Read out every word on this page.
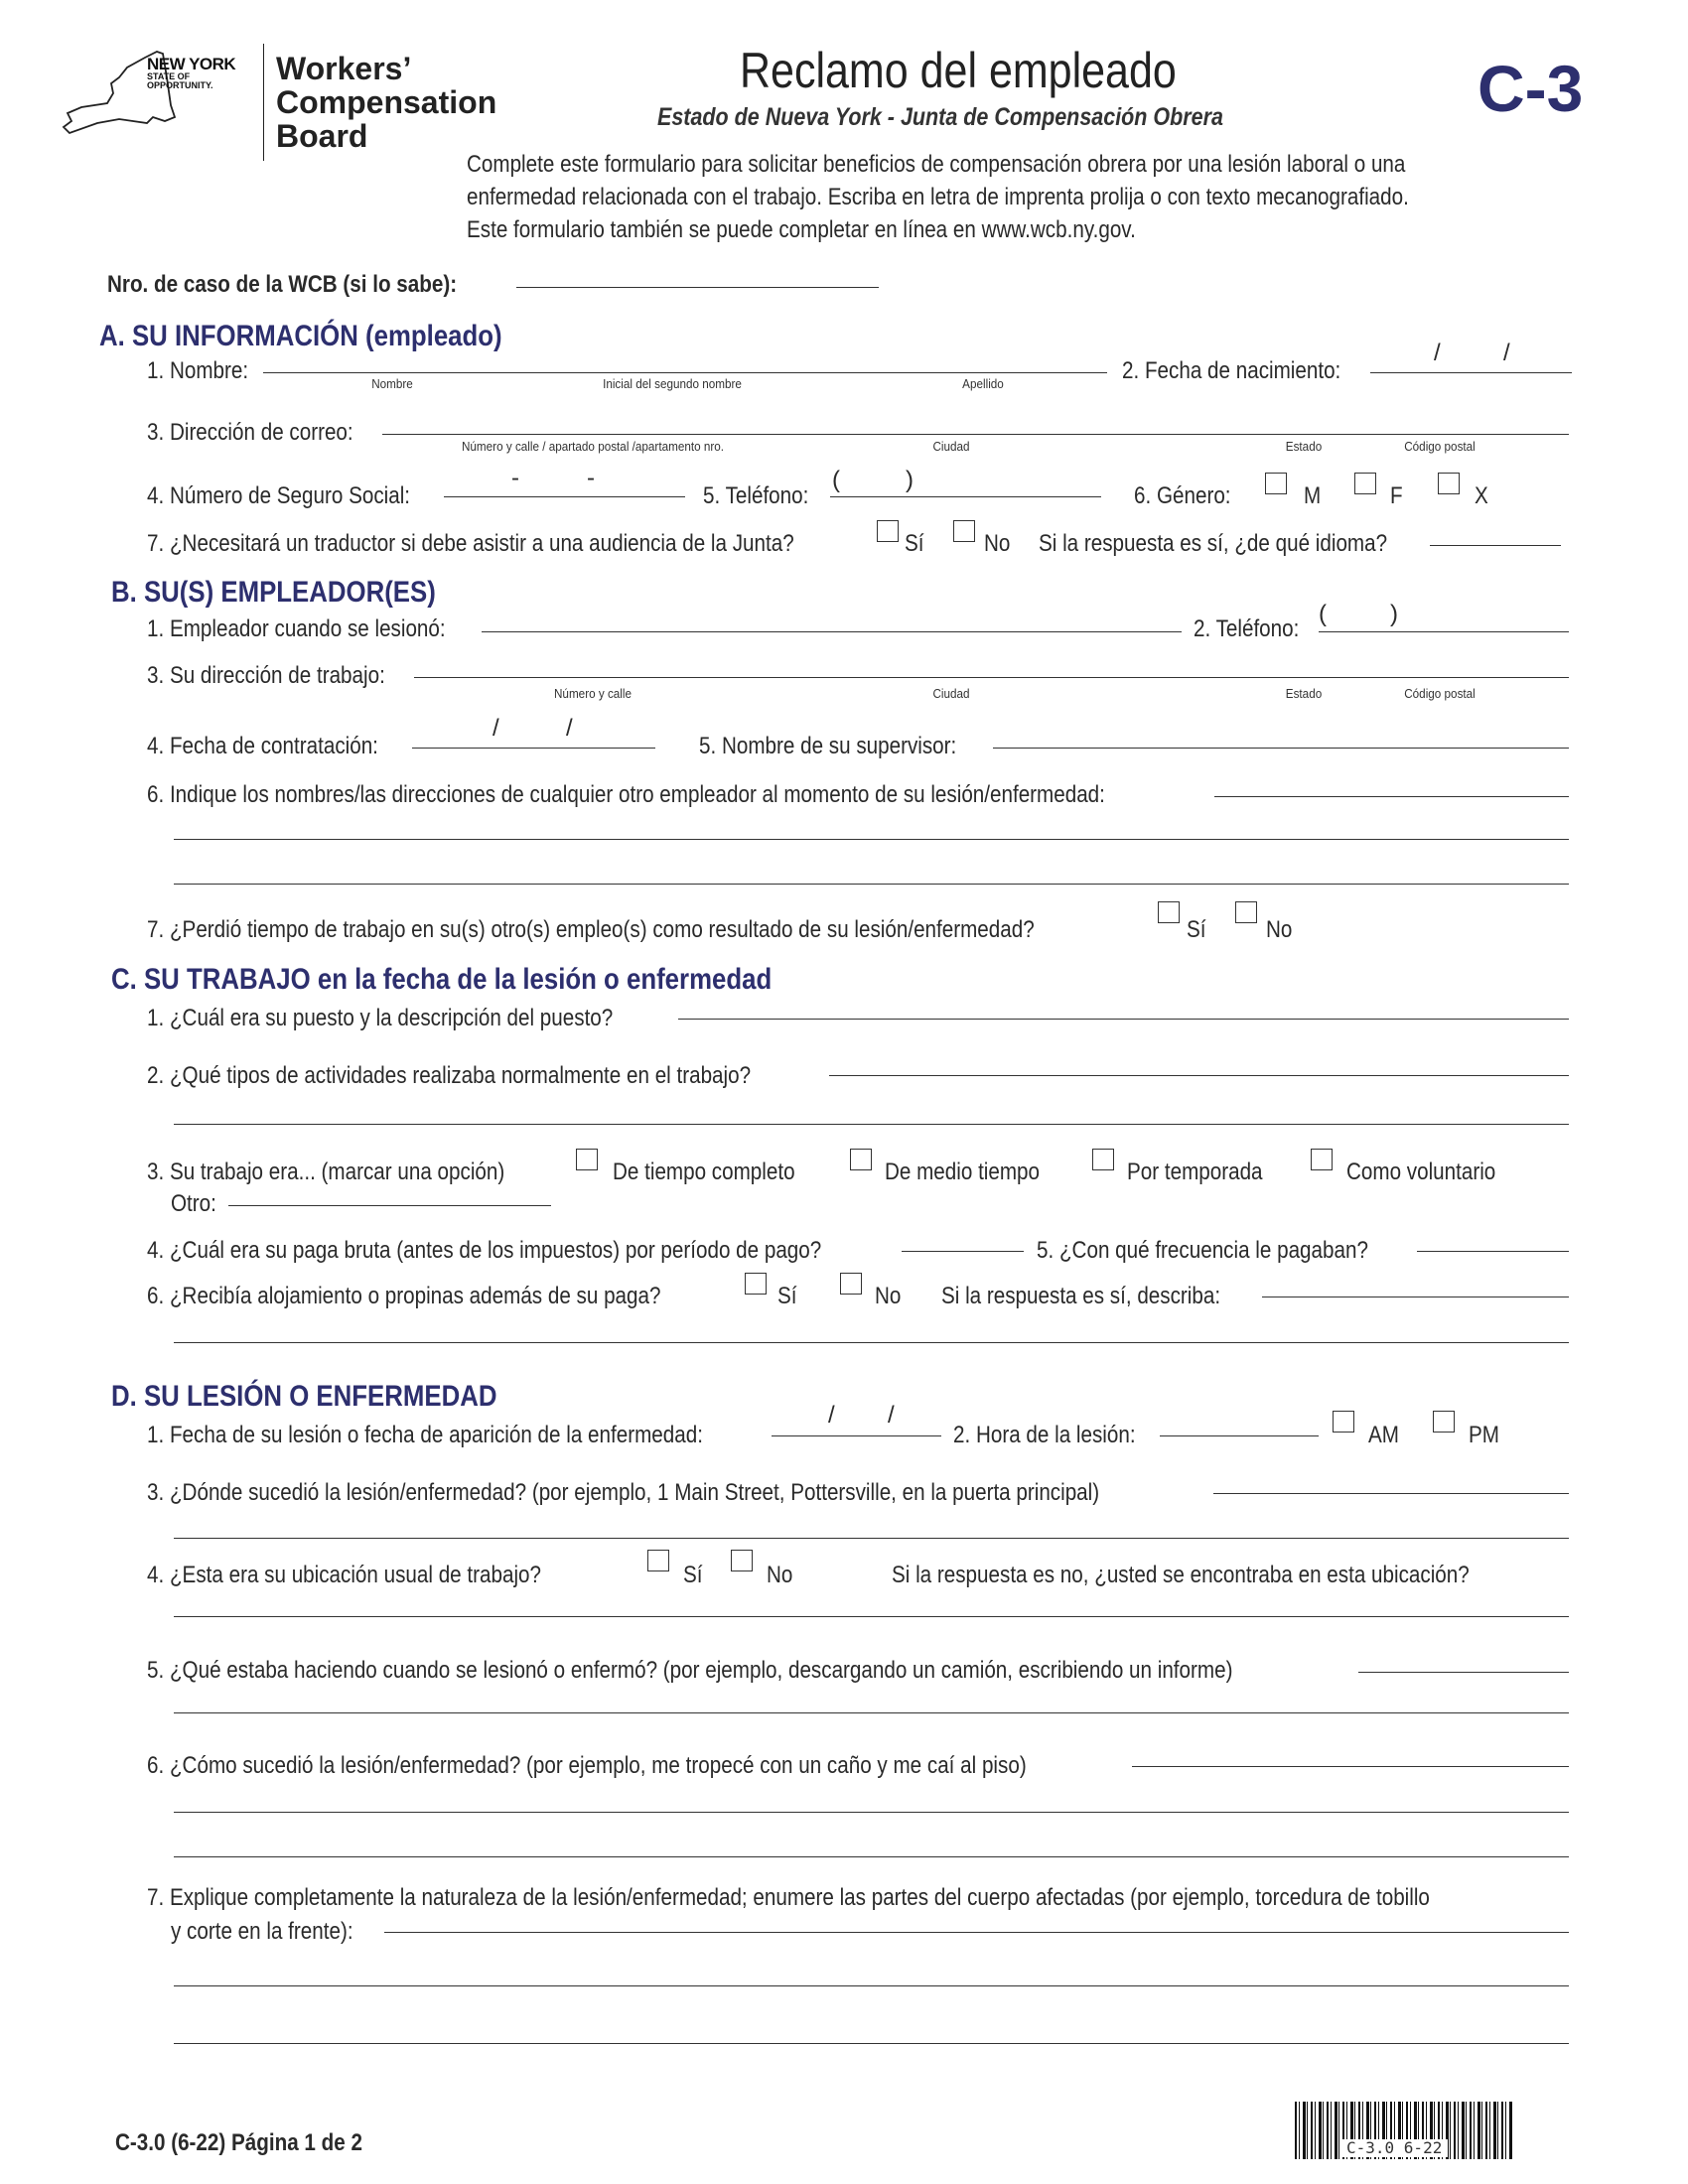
NEW YORK
STATE OF
OPPORTUNITY.	Workers’
Compensation
Board
Reclamo del empleado
Estado de Nueva York - Junta de Compensación Obrera	C-3
Complete este formulario para solicitar beneficios de compensación obrera por una lesión laboral o una
enfermedad relacionada con el trabajo. Escriba en letra de imprenta prolija o con texto mecanografiado.
Este formulario también se puede completar en línea en www.wcb.ny.gov.
Nro. de caso de la WCB (si lo sabe):
A. SU INFORMACIÓN (empleado)
1. Nombre:	Nombre	Inicial del segundo nombre	Apellido	2. Fecha de nacimiento:
/	/
3. Dirección de correo:
Número y calle / apartado postal /apartamento nro.	Ciudad	Estado	Código postal
4. Número de Seguro Social:
-	-
5. Teléfono:
(	)
6. Género:	M	F	X
7. ¿Necesitará un traductor si debe asistir a una audiencia de la Junta?	Sí	No Si la respuesta es sí, ¿de qué idioma?
B. SU(S) EMPLEADOR(ES)
1. Empleador cuando se lesionó:	2. Teléfono:
(	)
3. Su dirección de trabajo:
Número y calle	Ciudad	Estado	Código postal
4. Fecha de contratación:
/	/
5. Nombre de su supervisor:
6. Indique los nombres/las direcciones de cualquier otro empleador al momento de su lesión/enfermedad:
7. ¿Perdió tiempo de trabajo en su(s) otro(s) empleo(s) como resultado de su lesión/enfermedad?	Sí	No
C. SU TRABAJO en la fecha de la lesión o enfermedad
1. ¿Cuál era su puesto y la descripción del puesto?
2. ¿Qué tipos de actividades realizaba normalmente en el trabajo?
3. Su trabajo era... (marcar una opción)	De tiempo completo	De medio tiempo	Por temporada	Como voluntario
Otro:
4. ¿Cuál era su paga bruta (antes de los impuestos) por período de pago?	5. ¿Con qué frecuencia le pagaban?
6. ¿Recibía alojamiento o propinas además de su paga?	Sí	No Si la respuesta es sí, describa:
D. SU LESIÓN O ENFERMEDAD
1. Fecha de su lesión o fecha de aparición de la enfermedad:
/ /
2. Hora de la lesión:	AM	PM
3. ¿Dónde sucedió la lesión/enfermedad? (por ejemplo, 1 Main Street, Pottersville, en la puerta principal)
4. ¿Esta era su ubicación usual de trabajo?	Sí	No	Si la respuesta es no, ¿usted se encontraba en esta ubicación?
5. ¿Qué estaba haciendo cuando se lesionó o enfermó? (por ejemplo, descargando un camión, escribiendo un informe)
6. ¿Cómo sucedió la lesión/enfermedad? (por ejemplo, me tropecé con un caño y me caí al piso)
7. Explique completamente la naturaleza de la lesión/enfermedad; enumere las partes del cuerpo afectadas (por ejemplo, torcedura de tobillo
y corte en la frente):
C-3.0 (6-22) Página 1 de 2	C-3.0 6-22
